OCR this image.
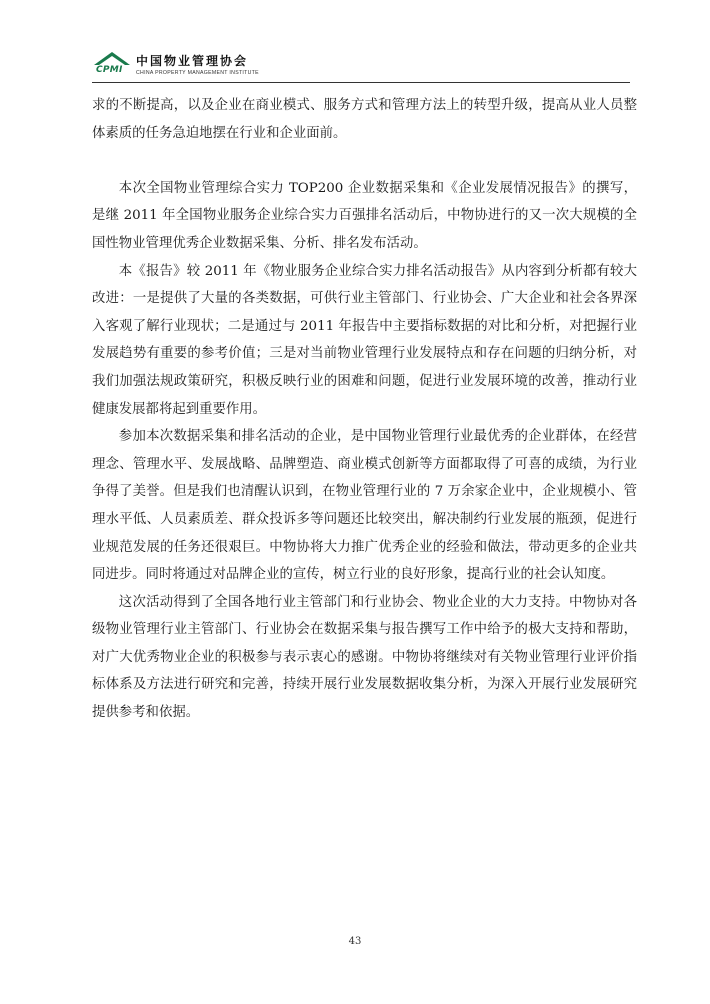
CPMI
中国物业管理协会
CHINA PROPERTY MANAGEMENT INSTITUTE

求的不断提高，以及企业在商业模式、服务方式和管理方法上的转型升级，提高从业人员整体素质的任务急迫地摆在行业和企业面前。

本次全国物业管理综合实力 TOP200 企业数据采集和《企业发展情况报告》的撰写，是继 2011 年全国物业服务企业综合实力百强排名活动后，中物协进行的又一次大规模的全国性物业管理优秀企业数据采集、分析、排名发布活动。

本《报告》较 2011 年《物业服务企业综合实力排名活动报告》从内容到分析都有较大改进：一是提供了大量的各类数据，可供行业主管部门、行业协会、广大企业和社会各界深入客观了解行业现状；二是通过与 2011 年报告中主要指标数据的对比和分析，对把握行业发展趋势有重要的参考价值；三是对当前物业管理行业发展特点和存在问题的归纳分析，对我们加强法规政策研究，积极反映行业的困难和问题，促进行业发展环境的改善，推动行业健康发展都将起到重要作用。

参加本次数据采集和排名活动的企业，是中国物业管理行业最优秀的企业群体，在经营理念、管理水平、发展战略、品牌塑造、商业模式创新等方面都取得了可喜的成绩，为行业争得了美誉。但是我们也清醒认识到，在物业管理行业的 7 万余家企业中，企业规模小、管理水平低、人员素质差、群众投诉多等问题还比较突出，解决制约行业发展的瓶颈，促进行业规范发展的任务还很艰巨。中物协将大力推广优秀企业的经验和做法，带动更多的企业共同进步。同时将通过对品牌企业的宣传，树立行业的良好形象，提高行业的社会认知度。

这次活动得到了全国各地行业主管部门和行业协会、物业企业的大力支持。中物协对各级物业管理行业主管部门、行业协会在数据采集与报告撰写工作中给予的极大支持和帮助，对广大优秀物业企业的积极参与表示衷心的感谢。中物协将继续对有关物业管理行业评价指标体系及方法进行研究和完善，持续开展行业发展数据收集分析，为深入开展行业发展研究提供参考和依据。

43
